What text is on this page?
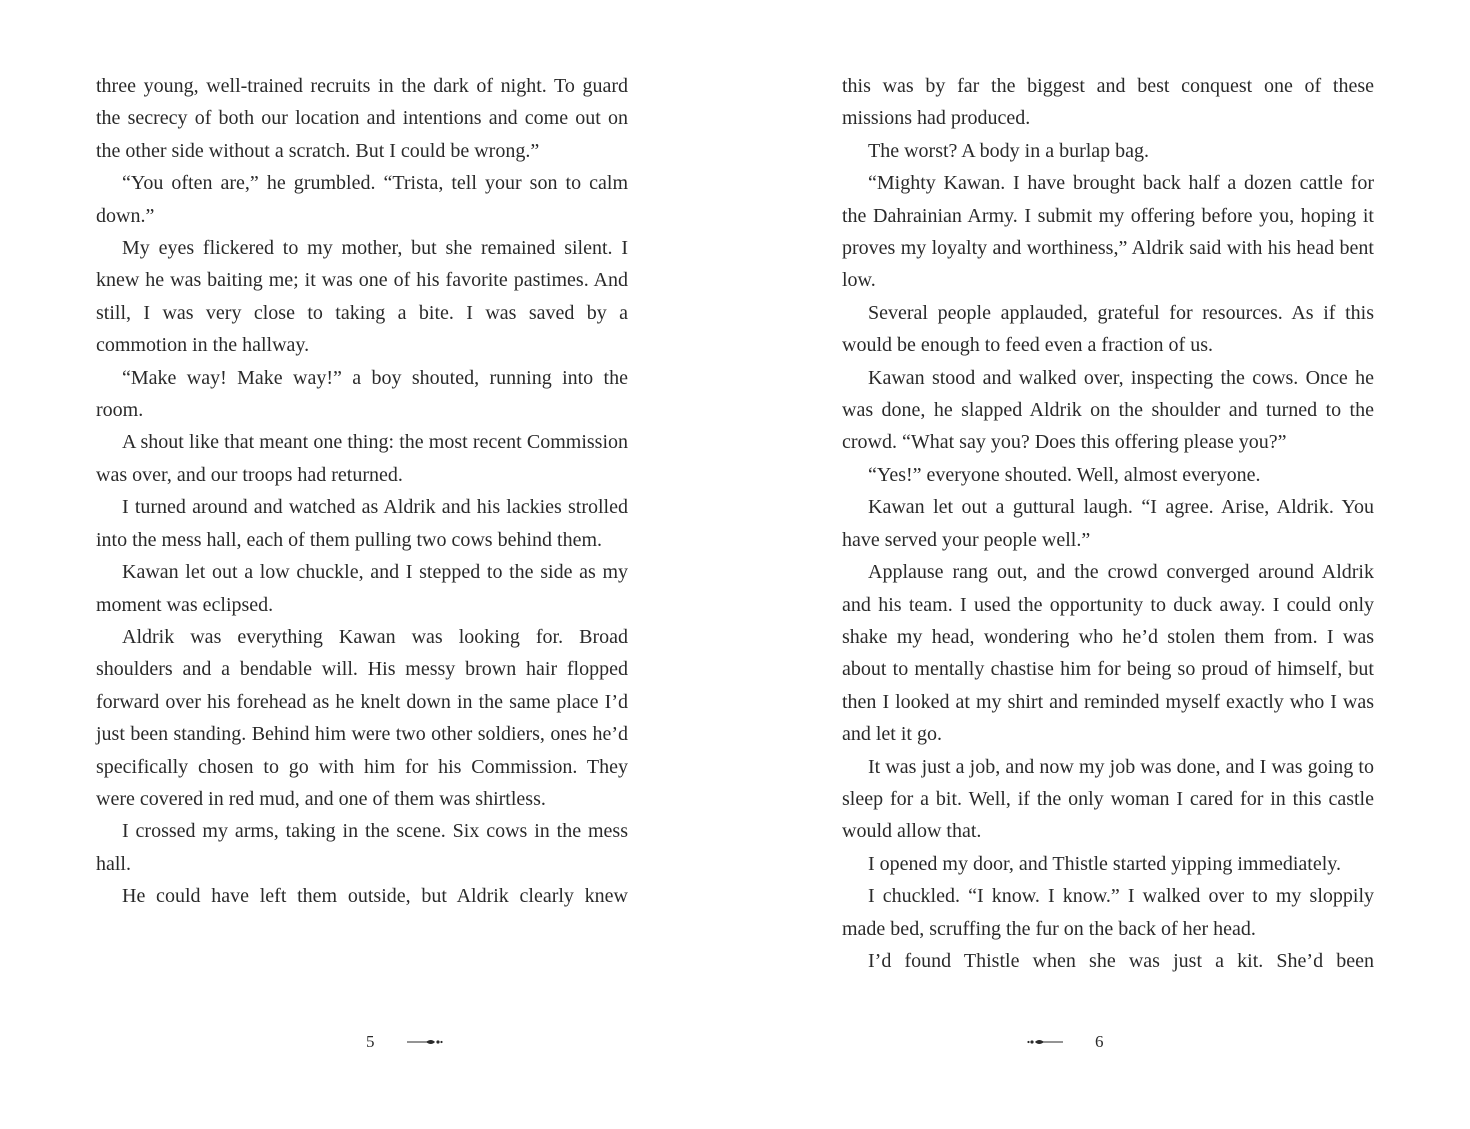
three young, well-trained recruits in the dark of night. To guard the secrecy of both our location and intentions and come out on the other side without a scratch. But I could be wrong.”

“You often are,” he grumbled. “Trista, tell your son to calm down.”

My eyes flickered to my mother, but she remained silent. I knew he was baiting me; it was one of his favorite pastimes. And still, I was very close to taking a bite. I was saved by a commotion in the hallway.

“Make way! Make way!” a boy shouted, running into the room.

A shout like that meant one thing: the most recent Commission was over, and our troops had returned.

I turned around and watched as Aldrik and his lackies strolled into the mess hall, each of them pulling two cows behind them.

Kawan let out a low chuckle, and I stepped to the side as my moment was eclipsed.

Aldrik was everything Kawan was looking for. Broad shoulders and a bendable will. His messy brown hair flopped forward over his forehead as he knelt down in the same place I’d just been standing. Behind him were two other soldiers, ones he’d specifically chosen to go with him for his Commission. They were covered in red mud, and one of them was shirtless.

I crossed my arms, taking in the scene. Six cows in the mess hall.

He could have left them outside, but Aldrik clearly knew

this was by far the biggest and best conquest one of these missions had produced.

The worst? A body in a burlap bag.

“Mighty Kawan. I have brought back half a dozen cattle for the Dahrainian Army. I submit my offering before you, hoping it proves my loyalty and worthiness,” Aldrik said with his head bent low.

Several people applauded, grateful for resources. As if this would be enough to feed even a fraction of us.

Kawan stood and walked over, inspecting the cows. Once he was done, he slapped Aldrik on the shoulder and turned to the crowd. “What say you? Does this offering please you?”

“Yes!” everyone shouted. Well, almost everyone.

Kawan let out a guttural laugh. “I agree. Arise, Aldrik. You have served your people well.”

Applause rang out, and the crowd converged around Aldrik and his team. I used the opportunity to duck away. I could only shake my head, wondering who he’d stolen them from. I was about to mentally chastise him for being so proud of himself, but then I looked at my shirt and reminded myself exactly who I was and let it go.

It was just a job, and now my job was done, and I was going to sleep for a bit. Well, if the only woman I cared for in this castle would allow that.

I opened my door, and Thistle started yipping immediately.

I chuckled. “I know. I know.” I walked over to my sloppily made bed, scruffing the fur on the back of her head.

I’d found Thistle when she was just a kit. She’d been

5	6
